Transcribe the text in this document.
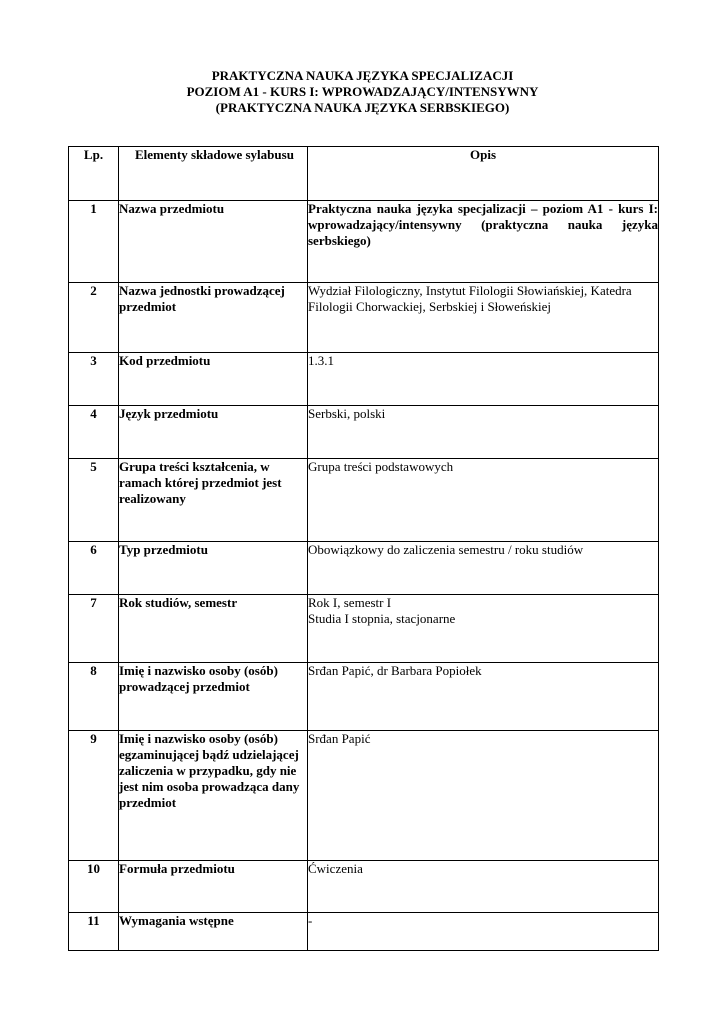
PRAKTYCZNA NAUKA JĘZYKA SPECJALIZACJI
POZIOM A1 - KURS I: WPROWADZAJĄCY/INTENSYWNY
(PRAKTYCZNA NAUKA JĘZYKA SERBSKIEGO)
Lp.	Elementy składowe sylabusu	Opis
1	Nazwa przedmiotu	Praktyczna nauka języka specjalizacji – poziom A1 - kurs I: wprowadzający/intensywny (praktyczna nauka języka serbskiego)
2	Nazwa jednostki prowadzącej przedmiot	Wydział Filologiczny, Instytut Filologii Słowiańskiej, Katedra Filologii Chorwackiej, Serbskiej i Słoweńskiej
3	Kod przedmiotu	1.3.1
4	Język przedmiotu	Serbski, polski
5	Grupa treści kształcenia, w ramach której przedmiot jest realizowany	Grupa treści podstawowych
6	Typ przedmiotu	Obowiązkowy do zaliczenia semestru / roku studiów
7	Rok studiów, semestr	Rok I, semestr I
Studia I stopnia, stacjonarne

8	Imię i nazwisko osoby (osób) prowadzącej przedmiot	Srđan Papić, dr Barbara Popiołek
9	Imię i nazwisko osoby (osób) egzaminującej bądź udzielającej zaliczenia w przypadku, gdy nie jest nim osoba prowadząca dany przedmiot	Srđan Papić
10	Formuła przedmiotu	Ćwiczenia
11	Wymagania wstępne	-
